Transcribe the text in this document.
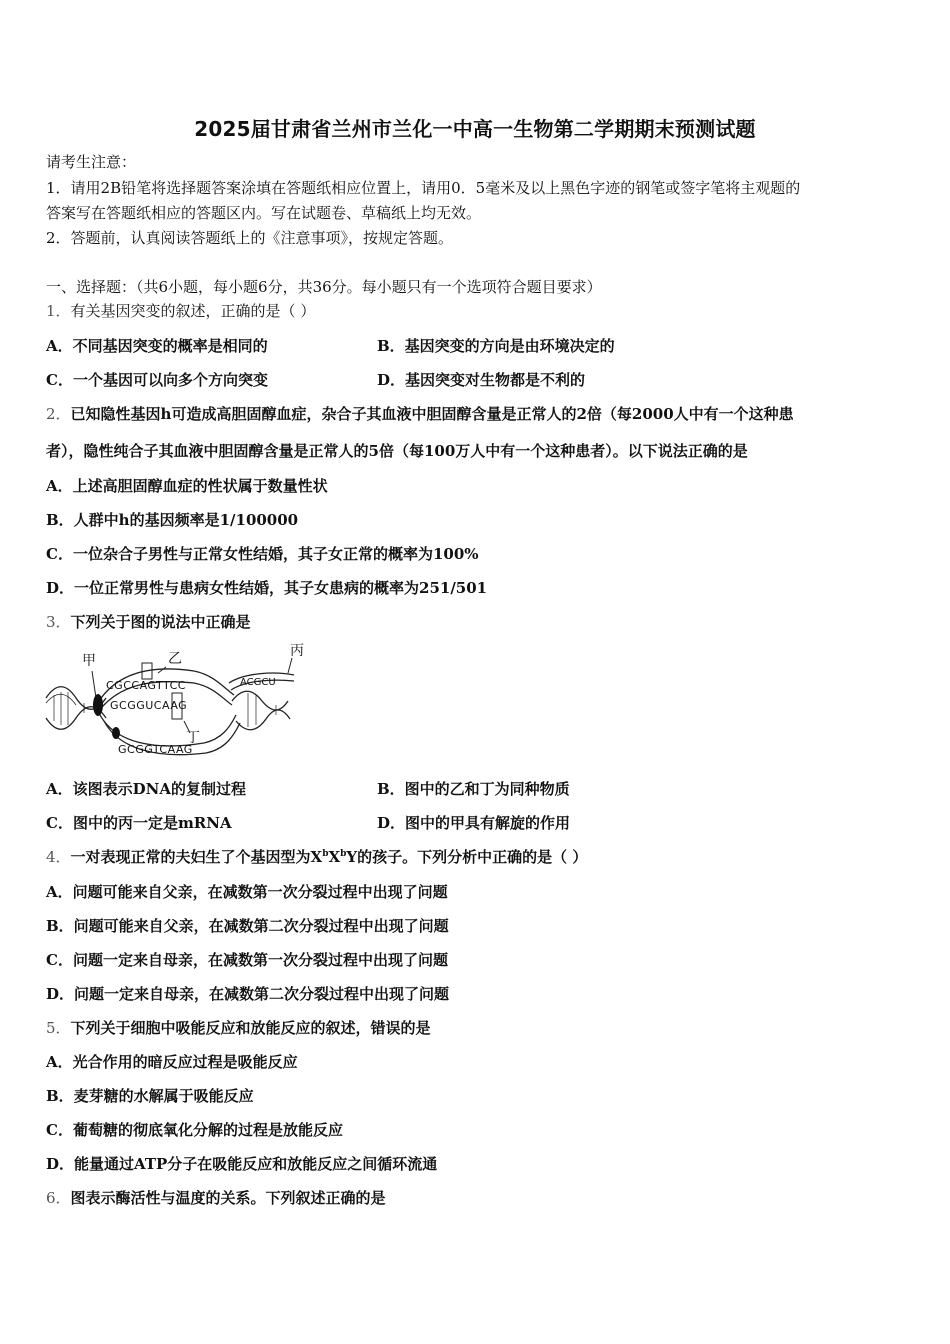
2025届甘肃省兰州市兰化一中高一生物第二学期期末预测试题
请考生注意：
1．请用2B铅笔将选择题答案涂填在答题纸相应位置上，请用0．5毫米及以上黑色字迹的钢笔或签字笔将主观题的
答案写在答题纸相应的答题区内。写在试题卷、草稿纸上均无效。
2．答题前，认真阅读答题纸上的《注意事项》，按规定答题。
一、选择题：（共6小题，每小题6分，共36分。每小题只有一个选项符合题目要求）
1．有关基因突变的叙述，正确的是（ ）
A．不同基因突变的概率是相同的	B．基因突变的方向是由环境决定的
C．一个基因可以向多个方向突变	D．基因突变对生物都是不利的
2．已知隐性基因h可造成高胆固醇血症，杂合子其血液中胆固醇含量是正常人的2倍（每2000人中有一个这种患
者），隐性纯合子其血液中胆固醇含量是正常人的5倍（每100万人中有一个这种患者）。以下说法正确的是
A．上述高胆固醇血症的性状属于数量性状
B．人群中h的基因频率是1/100000
C．一位杂合子男性与正常女性结婚，其子女正常的概率为100%
D．一位正常男性与患病女性结婚，其子女患病的概率为251/501
3．下列关于图的说法中正确是
甲	乙	丙
丁
CGCCAGTTCC
GCGGUCAAG
GCGGTCAAG
ACGCU
A．该图表示DNA的复制过程	B．图中的乙和丁为同种物质
C．图中的丙一定是mRNA	D．图中的甲具有解旋的作用
4．一对表现正常的夫妇生了个基因型为$X^bX^bY$的孩子。下列分析中正确的是（ ）
A．问题可能来自父亲，在减数第一次分裂过程中出现了问题
B．问题可能来自父亲，在减数第二次分裂过程中出现了问题
C．问题一定来自母亲，在减数第一次分裂过程中出现了问题
D．问题一定来自母亲，在减数第二次分裂过程中出现了问题
5．下列关于细胞中吸能反应和放能反应的叙述，错误的是
A．光合作用的暗反应过程是吸能反应
B．麦芽糖的水解属于吸能反应
C．葡萄糖的彻底氧化分解的过程是放能反应
D．能量通过ATP分子在吸能反应和放能反应之间循环流通
6．图表示酶活性与温度的关系。下列叙述正确的是
